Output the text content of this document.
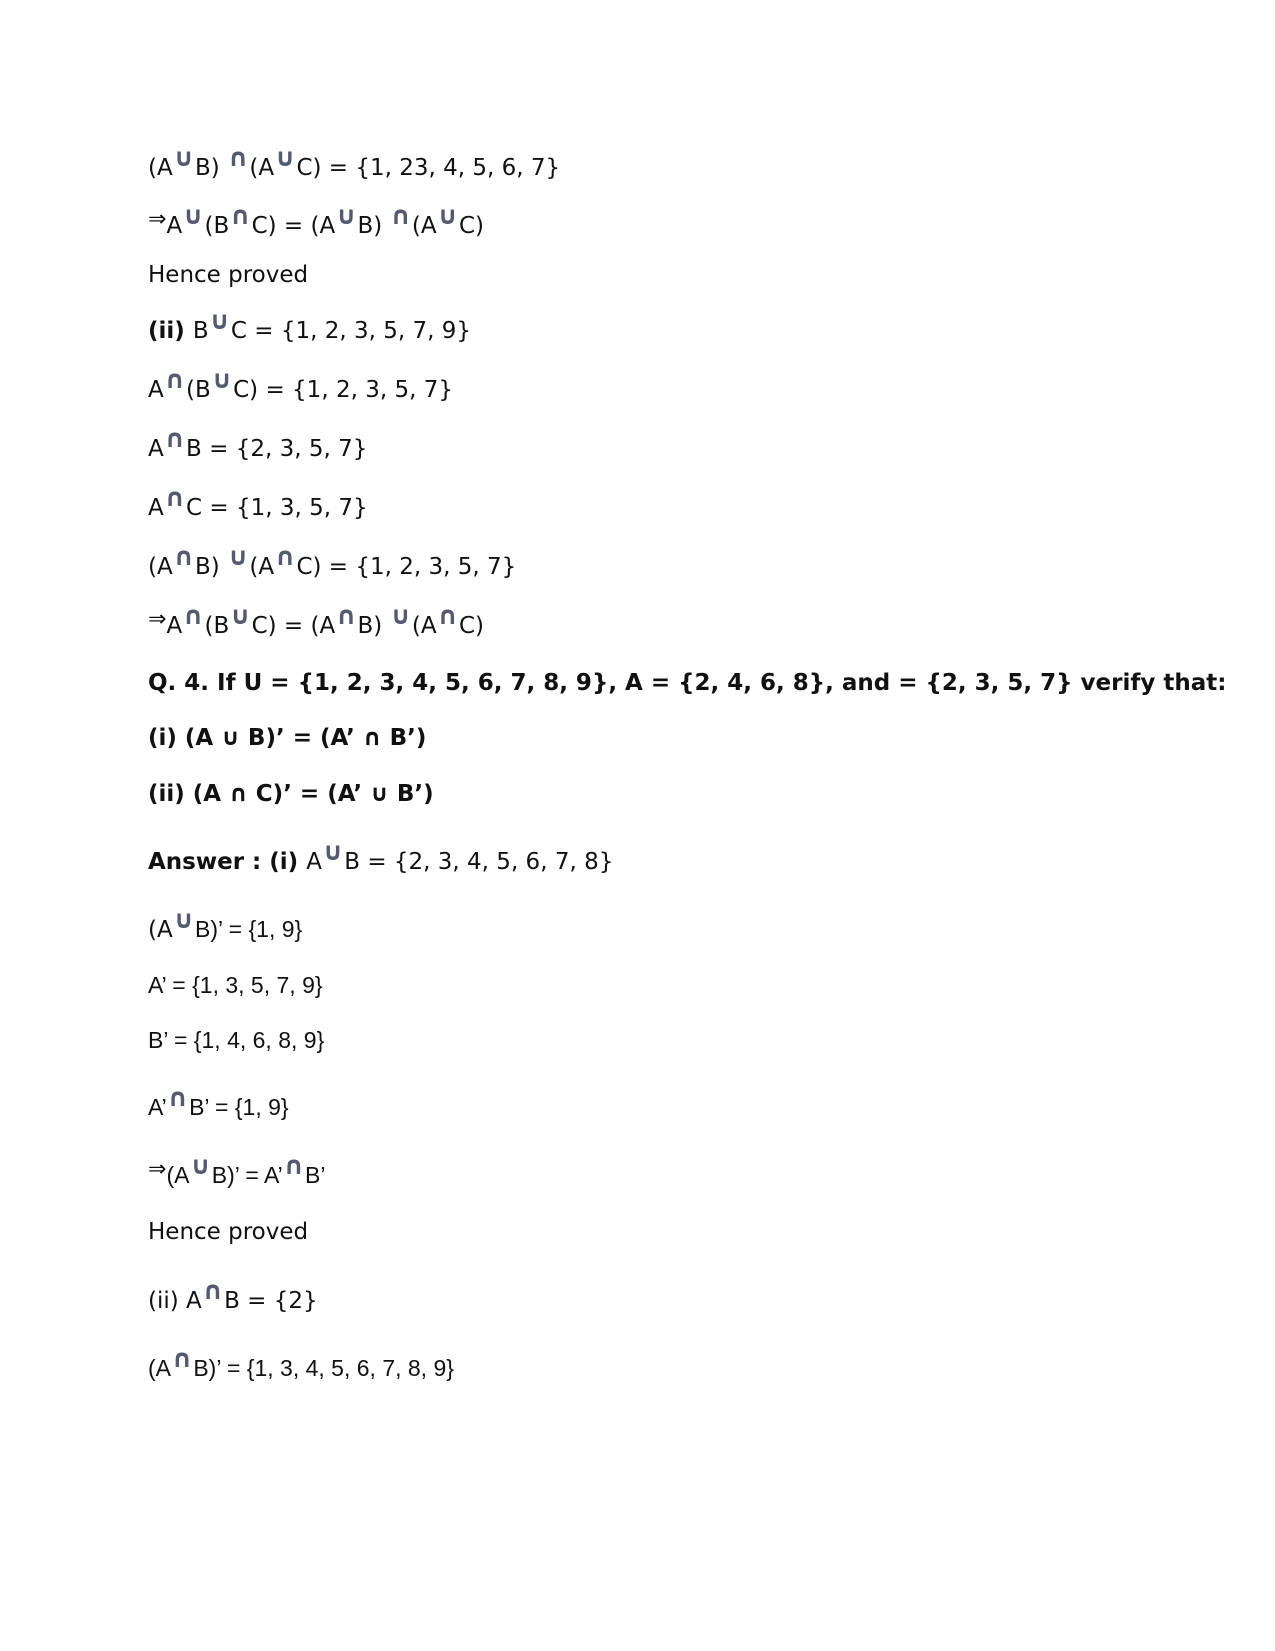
(A∪B) ∩(A∪C) = {1, 23, 4, 5, 6, 7}
⇒A∪(B∩C) = (A∪B) ∩(A∪C)
Hence proved
(ii) B∪C = {1, 2, 3, 5, 7, 9}
A∩(B∪C) = {1, 2, 3, 5, 7}
A∩B = {2, 3, 5, 7}
A∩C = {1, 3, 5, 7}
(A∩B) ∪(A∩C) = {1, 2, 3, 5, 7}
⇒A∩(B∪C) = (A∩B) ∪(A∩C)
Q. 4. If U = {1, 2, 3, 4, 5, 6, 7, 8, 9}, A = {2, 4, 6, 8}, and = {2, 3, 5, 7} verify that:
(i) (A ∪ B)’ = (A’ ∩ B’)
(ii) (A ∩ C)’ = (A’ ∪ B’)
Answer : (i) A∪B = {2, 3, 4, 5, 6, 7, 8}
(A∪B)’ = {1, 9}
A’ = {1, 3, 5, 7, 9}
B’ = {1, 4, 6, 8, 9}
A’∩B’ = {1, 9}
⇒(A∪B)’ = A’∩B’
Hence proved
(ii) A∩B = {2}
(A∩B)’ = {1, 3, 4, 5, 6, 7, 8, 9}
